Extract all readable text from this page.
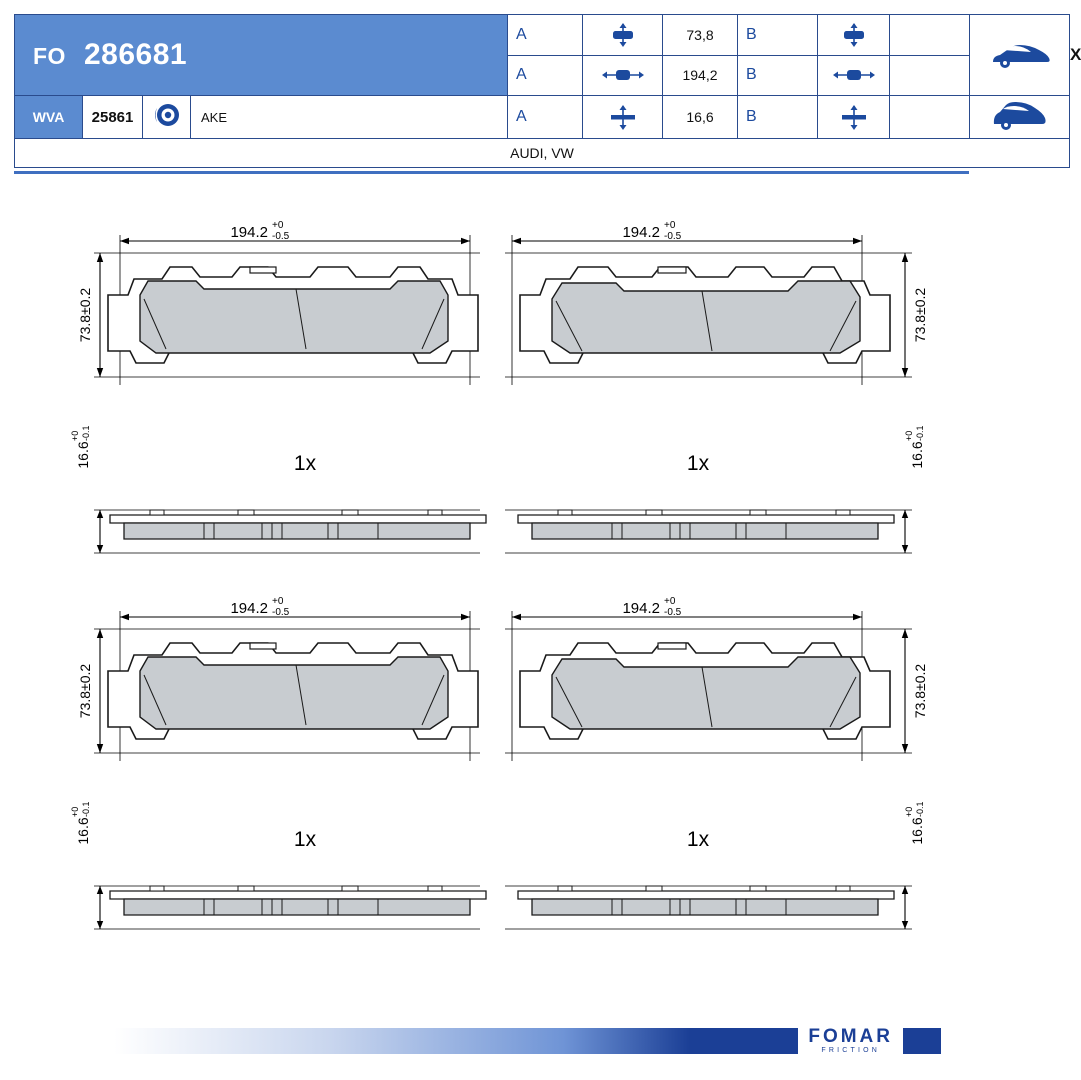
FO 286681				A		73,8	B				X
				A		194,2	B		
WVA	25861		AKE	A		16,6	B				
AUDI, VW											
194.2 +0
-0.5
73.8±0.2
16.6
+0 -0.1
1x
194.2 +0
-0.5
73.8±0.2
16.6
+0 -0.1
1x
194.2 +0
-0.5
73.8±0.2
16.6
+0 -0.1
1x
194.2 +0
-0.5
73.8±0.2
16.6
+0 -0.1
1x
FOMAR
FRICTION
